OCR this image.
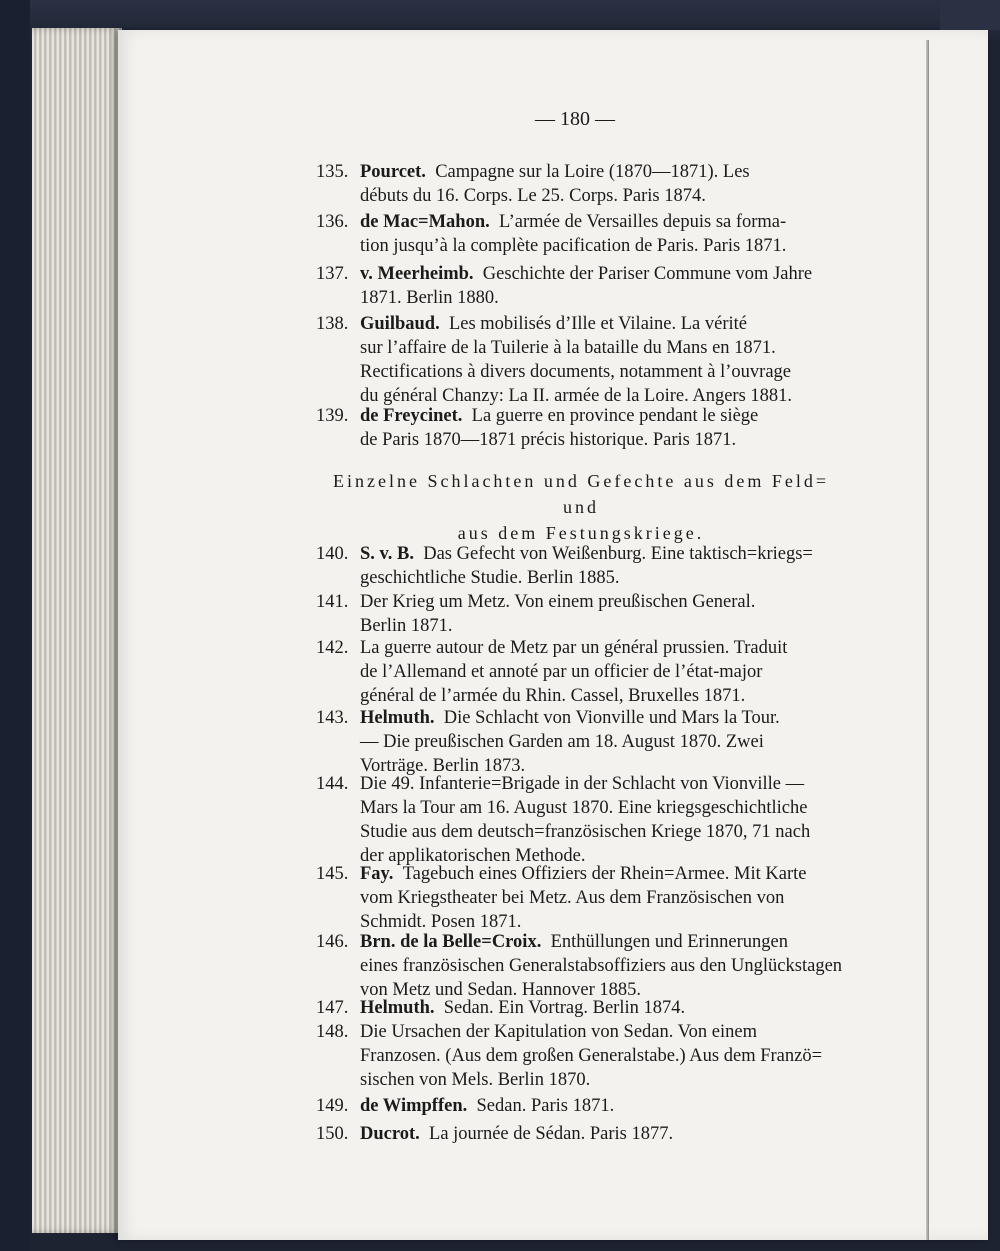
— 180 —
135. Pourcet. Campagne sur la Loire (1870—1871). Les
débuts du 16. Corps. Le 25. Corps. Paris 1874.
136. de Mac=Mahon. L’armée de Versailles depuis sa forma-
tion jusqu’à la complète pacification de Paris. Paris 1871.
137. v. Meerheimb. Geschichte der Pariser Commune vom Jahre
1871. Berlin 1880.
138. Guilbaud. Les mobilisés d’Ille et Vilaine. La vérité
sur l’affaire de la Tuilerie à la bataille du Mans en 1871.
Rectifications à divers documents, notamment à l’ouvrage
du général Chanzy: La II. armée de la Loire. Angers 1881.
139. de Freycinet. La guerre en province pendant le siège
de Paris 1870—1871 précis historique. Paris 1871.
Einzelne Schlachten und Gefechte aus dem Feld= und
aus dem Festungskriege.
140. S. v. B. Das Gefecht von Weißenburg. Eine taktisch=kriegs=
geschichtliche Studie. Berlin 1885.
141. Der Krieg um Metz. Von einem preußischen General.
Berlin 1871.
142. La guerre autour de Metz par un général prussien. Traduit
de l’Allemand et annoté par un officier de l’état-major
général de l’armée du Rhin. Cassel, Bruxelles 1871.
143. Helmuth. Die Schlacht von Vionville und Mars la Tour.
— Die preußischen Garden am 18. August 1870. Zwei
Vorträge. Berlin 1873.
144. Die 49. Infanterie=Brigade in der Schlacht von Vionville —
Mars la Tour am 16. August 1870. Eine kriegsgeschichtliche
Studie aus dem deutsch=französischen Kriege 1870, 71 nach
der applikatorischen Methode.
145. Fay. Tagebuch eines Offiziers der Rhein=Armee. Mit Karte
vom Kriegstheater bei Metz. Aus dem Französischen von
Schmidt. Posen 1871.
146. Brn. de la Belle=Croix. Enthüllungen und Erinnerungen
eines französischen Generalstabsoffiziers aus den Unglückstagen
von Metz und Sedan. Hannover 1885.
147. Helmuth. Sedan. Ein Vortrag. Berlin 1874.
148. Die Ursachen der Kapitulation von Sedan. Von einem
Franzosen. (Aus dem großen Generalstabe.) Aus dem Franzö=
sischen von Mels. Berlin 1870.
149. de Wimpffen. Sedan. Paris 1871.
150. Ducrot. La journée de Sédan. Paris 1877.
